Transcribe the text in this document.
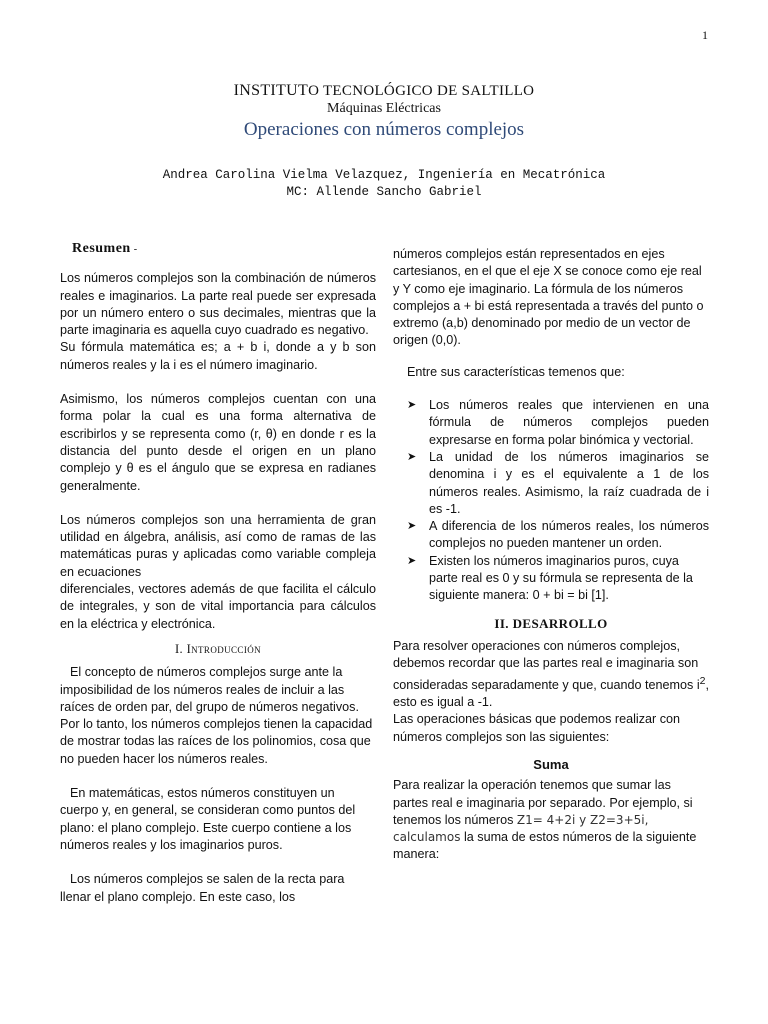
1
INSTITUTO TECNOLÓGICO DE SALTILLO
Máquinas Eléctricas
Operaciones con números complejos
Andrea Carolina Vielma Velazquez, Ingeniería en Mecatrónica
MC: Allende Sancho Gabriel
Resumen -

Los números complejos son la combinación de números reales e imaginarios. La parte real puede ser expresada por un número entero o sus decimales, mientras que la parte imaginaria es aquella cuyo cuadrado es negativo.

Su fórmula matemática es; a + b i, donde a y b son números reales y la i es el número imaginario.

Asimismo, los números complejos cuentan con una forma polar la cual es una forma alternativa de escribirlos y se representa como (r, θ) en donde r es la distancia del punto desde el origen en un plano complejo y θ es el ángulo que se expresa en radianes generalmente.

Los números complejos son una herramienta de gran utilidad en álgebra, análisis, así como de ramas de las matemáticas puras y aplicadas como variable compleja en ecuaciones

diferenciales, vectores además de que facilita el cálculo de integrales, y son de vital importancia para cálculos en la eléctrica y electrónica.

I. Introducción

El concepto de números complejos surge ante la imposibilidad de los números reales de incluir a las raíces de orden par, del grupo de números negativos. Por lo tanto, los números complejos tienen la capacidad de mostrar todas las raíces de los polinomios, cosa que no pueden hacer los números reales.

En matemáticas, estos números constituyen un cuerpo y, en general, se consideran como puntos del plano: el plano complejo. Este cuerpo contiene a los números reales y los imaginarios puros.

Los números complejos se salen de la recta para llenar el plano complejo. En este caso, los

números complejos están representados en ejes cartesianos, en el que el eje X se conoce como eje real y Y como eje imaginario. La fórmula de los números complejos a + bi está representada a través del punto o extremo (a,b) denominado por medio de un vector de origen (0,0).

Entre sus características temenos que:

➤ Los números reales que intervienen en una fórmula de números complejos pueden expresarse en forma polar binómica y vectorial.
➤ La unidad de los números imaginarios se denomina i y es el equivalente a 1 de los números reales. Asimismo, la raíz cuadrada de i es -1.
➤ A diferencia de los números reales, los números complejos no pueden mantener un orden.
➤ Existen los números imaginarios puros, cuya parte real es 0 y su fórmula se representa de la siguiente manera: 0 + bi = bi [1].
II. DESARROLLO

Para resolver operaciones con números complejos, debemos recordar que las partes real e imaginaria son consideradas separadamente y que, cuando tenemos $i^2$, esto es igual a -1.

Las operaciones básicas que podemos realizar con números complejos son las siguientes:

Suma

Para realizar la operación tenemos que sumar las partes real e imaginaria por separado. Por ejemplo, si tenemos los números Z1= 4+2i y Z2=3+5i, calculamos la suma de estos números de la siguiente manera:
